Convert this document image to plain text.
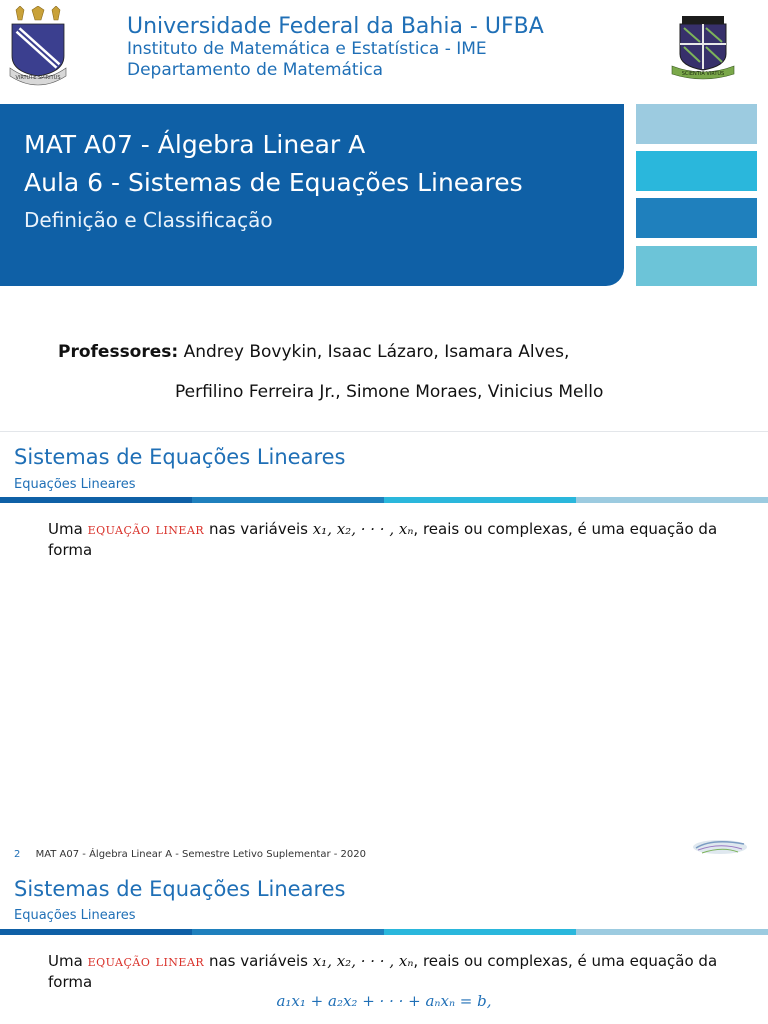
VIRTUTE SPIRITUS
Universidade Federal da Bahia - UFBA
Instituto de Matemática e Estatística - IME
Departamento de Matemática	SCIENTIA VIRTUS
MAT A07 - Álgebra Linear A
Aula 6 - Sistemas de Equações Lineares
Definição e Classificação
Professores: Andrey Bovykin, Isaac Lázaro, Isamara Alves,
Perfilino Ferreira Jr., Simone Moraes, Vinicius Mello
Sistemas de Equações Lineares
Equações Lineares
Uma equação linear nas variáveis x₁, x₂, · · · , xₙ, reais ou complexas, é uma equação da forma
2 MAT A07 - Álgebra Linear A - Semestre Letivo Suplementar - 2020
Sistemas de Equações Lineares
Equações Lineares
Uma equação linear nas variáveis x₁, x₂, · · · , xₙ, reais ou complexas, é uma equação da forma
a₁x₁ + a₂x₂ + · · · + aₙxₙ = b,
